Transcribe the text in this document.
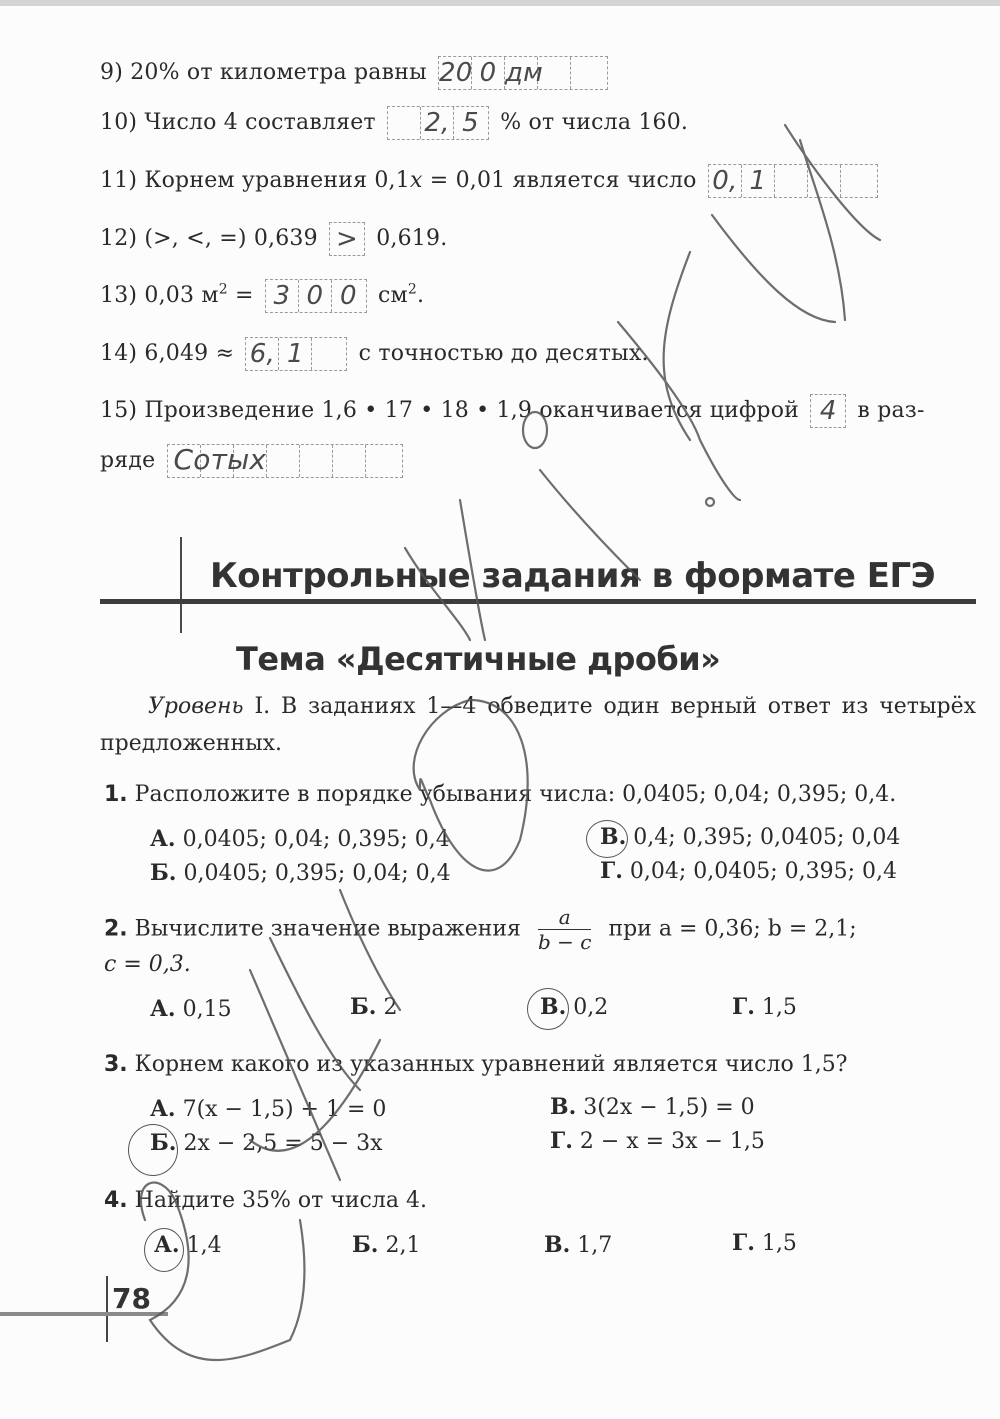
9) 20% от километра равны 20 0 дм
10) Число 4 составляет 2, 5 % от числа 160.
11) Корнем уравнения 0,1x = 0,01 является число 0, 1
12) (>, <, =) 0,639 > 0,619.
13) 0,03 $м^2 = 3$ 0 0 $см^2$.
14) 6,049 ≈ 6, 1 с точностью до десятых.
15) Произведение 1,6 • 17 • 18 • 1,9 оканчивается цифрой 4 в раз-
ряде Сотых
Контрольные задания в формате ЕГЭ
Тема «Десятичные дроби»
Уровень I. В заданиях 1—4 обведите один верный ответ из четырёх предложенных.
1. Расположите в порядке убывания числа: 0,0405; 0,04; 0,395; 0,4.
А. 0,0405; 0,04; 0,395; 0,4	В. 0,4; 0,395; 0,0405; 0,04
Б. 0,0405; 0,395; 0,04; 0,4	Г. 0,04; 0,0405; 0,395; 0,4
2. Вычислите значение выражения $\frac{a}{b - c}$ при a = 0,36; b = 2,1;
c = 0,3.
А. 0,15	Б. 2	В. 0,2	Г. 1,5
3. Корнем какого из указанных уравнений является число 1,5?
А. 7(x − 1,5) + 1 = 0	В. 3(2x − 1,5) = 0
Б. 2x − 2,5 = 5 − 3x	Г. 2 − x = 3x − 1,5
4. Найдите 35% от числа 4.
А. 1,4	Б. 2,1	В. 1,7	Г. 1,5
78
